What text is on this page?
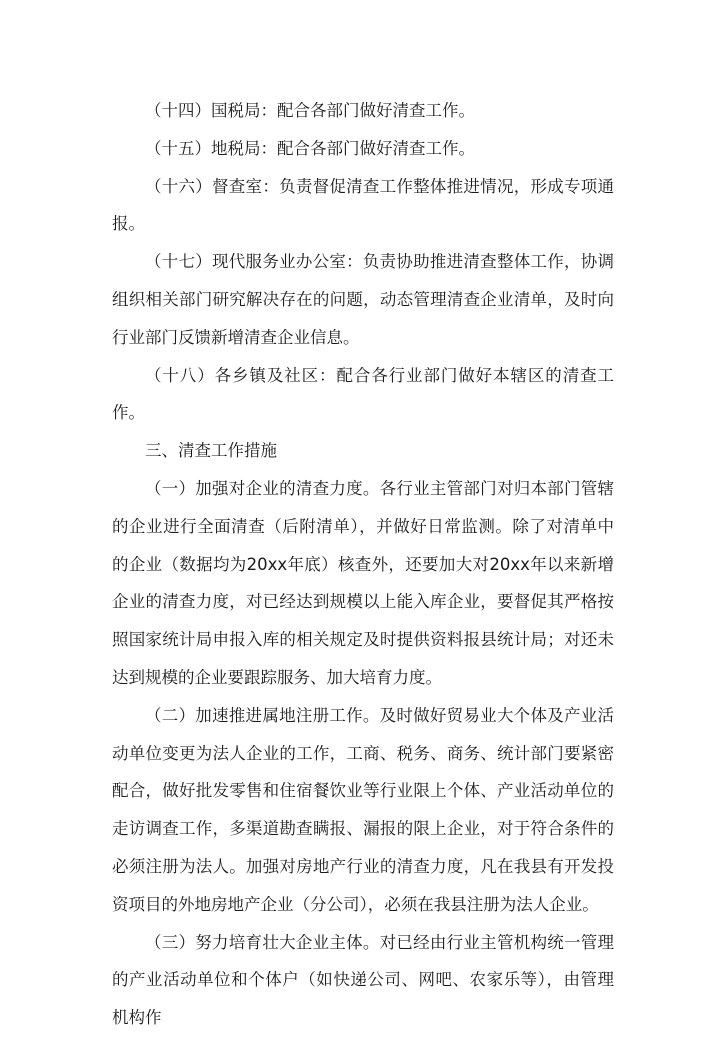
（十四）国税局：配合各部门做好清查工作。

（十五）地税局：配合各部门做好清查工作。

（十六）督查室：负责督促清查工作整体推进情况，形成专项通报。

（十七）现代服务业办公室：负责协助推进清查整体工作，协调组织相关部门研究解决存在的问题，动态管理清查企业清单，及时向行业部门反馈新增清查企业信息。

（十八）各乡镇及社区：配合各行业部门做好本辖区的清查工作。

三、清查工作措施

（一）加强对企业的清查力度。各行业主管部门对归本部门管辖的企业进行全面清查（后附清单），并做好日常监测。除了对清单中的企业（数据均为20xx年底）核查外，还要加大对20xx年以来新增企业的清查力度，对已经达到规模以上能入库企业，要督促其严格按照国家统计局申报入库的相关规定及时提供资料报县统计局；对还未达到规模的企业要跟踪服务、加大培育力度。

（二）加速推进属地注册工作。及时做好贸易业大个体及产业活动单位变更为法人企业的工作，工商、税务、商务、统计部门要紧密配合，做好批发零售和住宿餐饮业等行业限上个体、产业活动单位的走访调查工作，多渠道勘查瞒报、漏报的限上企业，对于符合条件的必须注册为法人。加强对房地产行业的清查力度，凡在我县有开发投资项目的外地房地产企业（分公司），必须在我县注册为法人企业。

（三）努力培育壮大企业主体。对已经由行业主管机构统一管理的产业活动单位和个体户（如快递公司、网吧、农家乐等），由管理机构作
